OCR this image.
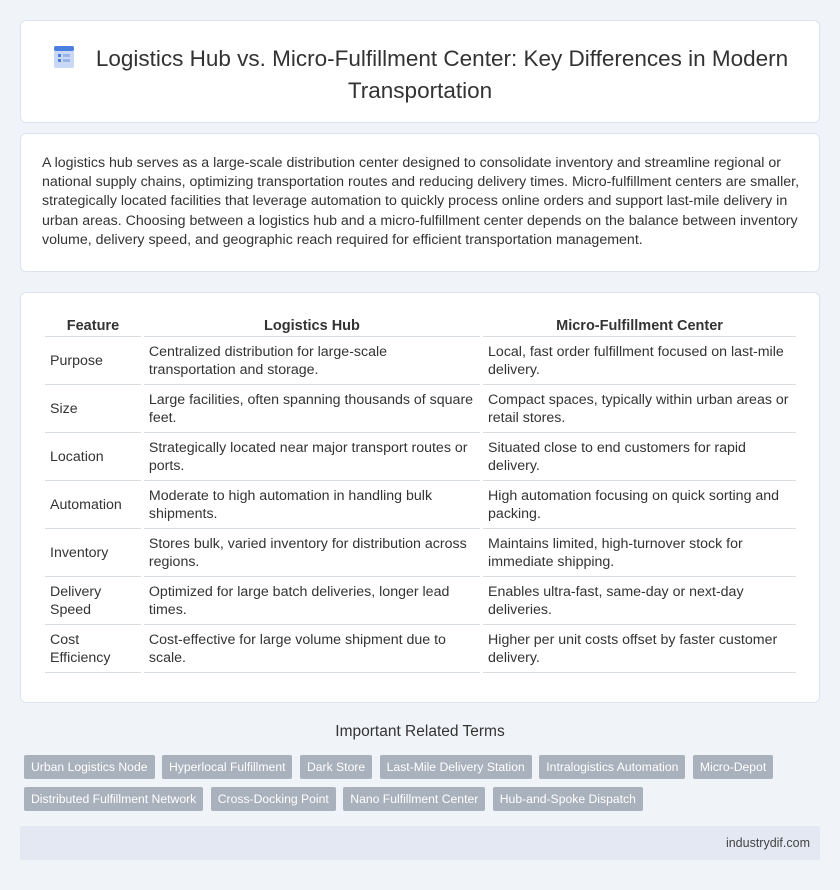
Logistics Hub vs. Micro-Fulfillment Center: Key Differences in Modern Transportation

A logistics hub serves as a large-scale distribution center designed to consolidate inventory and streamline regional or national supply chains, optimizing transportation routes and reducing delivery times. Micro-fulfillment centers are smaller, strategically located facilities that leverage automation to quickly process online orders and support last-mile delivery in urban areas. Choosing between a logistics hub and a micro-fulfillment center depends on the balance between inventory volume, delivery speed, and geographic reach required for efficient transportation management.

Feature	Logistics Hub	Micro-Fulfillment Center
Purpose	Centralized distribution for large-scale transportation and storage.	Local, fast order fulfillment focused on last-mile delivery.
Size	Large facilities, often spanning thousands of square feet.	Compact spaces, typically within urban areas or retail stores.
Location	Strategically located near major transport routes or ports.	Situated close to end customers for rapid delivery.
Automation	Moderate to high automation in handling bulk shipments.	High automation focusing on quick sorting and packing.
Inventory	Stores bulk, varied inventory for distribution across regions.	Maintains limited, high-turnover stock for immediate shipping.
Delivery Speed	Optimized for large batch deliveries, longer lead times.	Enables ultra-fast, same-day or next-day deliveries.
Cost Efficiency	Cost-effective for large volume shipment due to scale.	Higher per unit costs offset by faster customer delivery.
Important Related Terms
Urban Logistics Node Hyperlocal Fulfillment Dark Store Last-Mile Delivery Station Intralogistics Automation Micro-Depot
Distributed Fulfillment Network Cross-Docking Point Nano Fulfillment Center Hub-and-Spoke Dispatch
industrydif.com
